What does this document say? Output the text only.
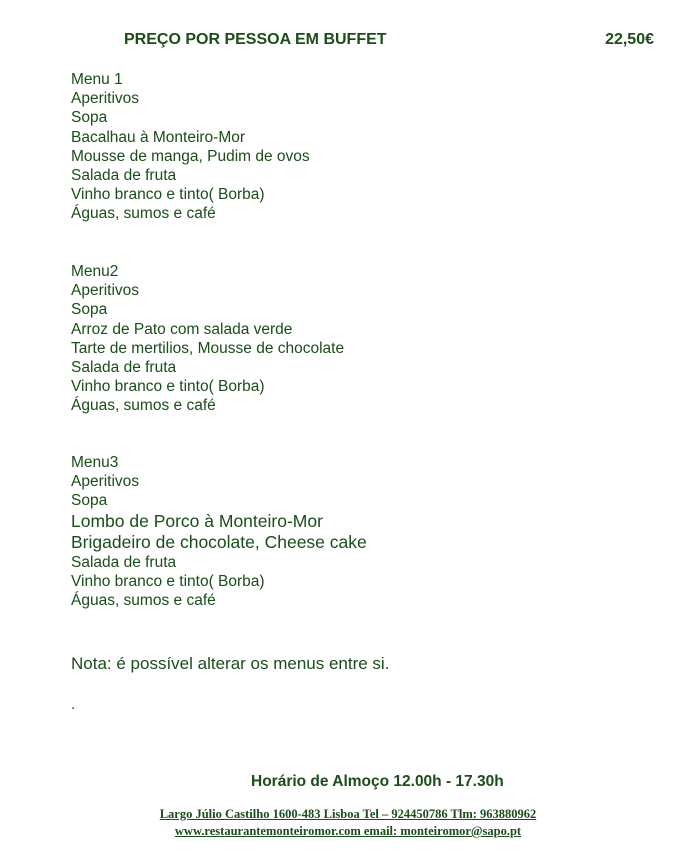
PREÇO POR PESSOA EM BUFFET	22,50€
Menu 1
Aperitivos
Sopa
Bacalhau à Monteiro-Mor
Mousse de manga, Pudim de ovos
Salada de fruta
Vinho branco e tinto( Borba)
Águas, sumos e café
Menu2
Aperitivos
Sopa
Arroz de Pato com salada verde
Tarte de mertilios, Mousse de chocolate
Salada de fruta
Vinho branco e tinto( Borba)
Águas, sumos e café
Menu3
Aperitivos
Sopa
Lombo de Porco à Monteiro-Mor
Brigadeiro de chocolate, Cheese cake
Salada de fruta
Vinho branco e tinto( Borba)
Águas, sumos e café
Nota: é possível alterar os menus entre si.
.
Horário de Almoço 12.00h - 17.30h
Largo Júlio Castilho 1600-483 Lisboa Tel – 924450786 Tlm: 963880962
www.restaurantemonteiromor.com email: monteiromor@sapo.pt
